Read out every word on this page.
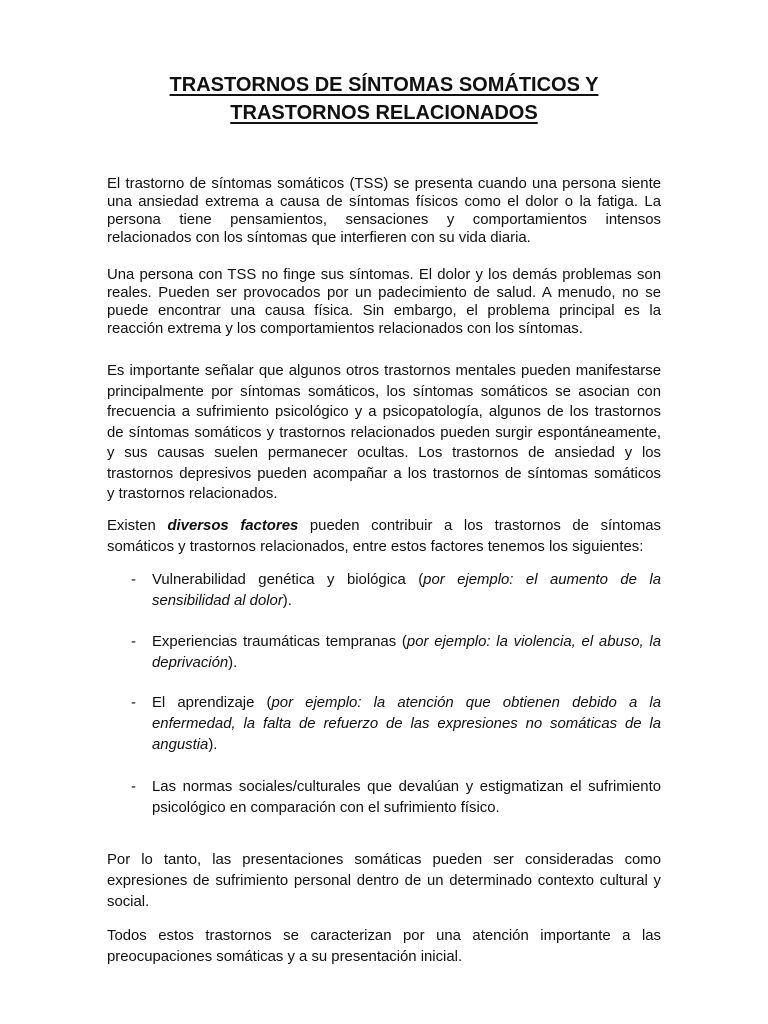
TRASTORNOS DE SÍNTOMAS SOMÁTICOS Y
TRASTORNOS RELACIONADOS
El trastorno de síntomas somáticos (TSS) se presenta cuando una persona siente
una ansiedad extrema a causa de síntomas físicos como el dolor o la fatiga. La
persona tiene pensamientos, sensaciones y comportamientos intensos
relacionados con los síntomas que interfieren con su vida diaria.
Una persona con TSS no finge sus síntomas. El dolor y los demás problemas son
reales. Pueden ser provocados por un padecimiento de salud. A menudo, no se
puede encontrar una causa física. Sin embargo, el problema principal es la
reacción extrema y los comportamientos relacionados con los síntomas.
Es importante señalar que algunos otros trastornos mentales pueden manifestarse
principalmente por síntomas somáticos, los síntomas somáticos se asocian con
frecuencia a sufrimiento psicológico y a psicopatología, algunos de los trastornos
de síntomas somáticos y trastornos relacionados pueden surgir espontáneamente,
y sus causas suelen permanecer ocultas. Los trastornos de ansiedad y los
trastornos depresivos pueden acompañar a los trastornos de síntomas somáticos
y trastornos relacionados.
Existen diversos factores pueden contribuir a los trastornos de síntomas
somáticos y trastornos relacionados, entre estos factores tenemos los siguientes:
- Vulnerabilidad genética y biológica (por ejemplo: el aumento de la
sensibilidad al dolor).
- Experiencias traumáticas tempranas (por ejemplo: la violencia, el abuso, la
deprivación).
- El aprendizaje (por ejemplo: la atención que obtienen debido a la
enfermedad, la falta de refuerzo de las expresiones no somáticas de la
angustia).
- Las normas sociales/culturales que devalúan y estigmatizan el sufrimiento
psicológico en comparación con el sufrimiento físico.
Por lo tanto, las presentaciones somáticas pueden ser consideradas como
expresiones de sufrimiento personal dentro de un determinado contexto cultural y
social.
Todos estos trastornos se caracterizan por una atención importante a las
preocupaciones somáticas y a su presentación inicial.
